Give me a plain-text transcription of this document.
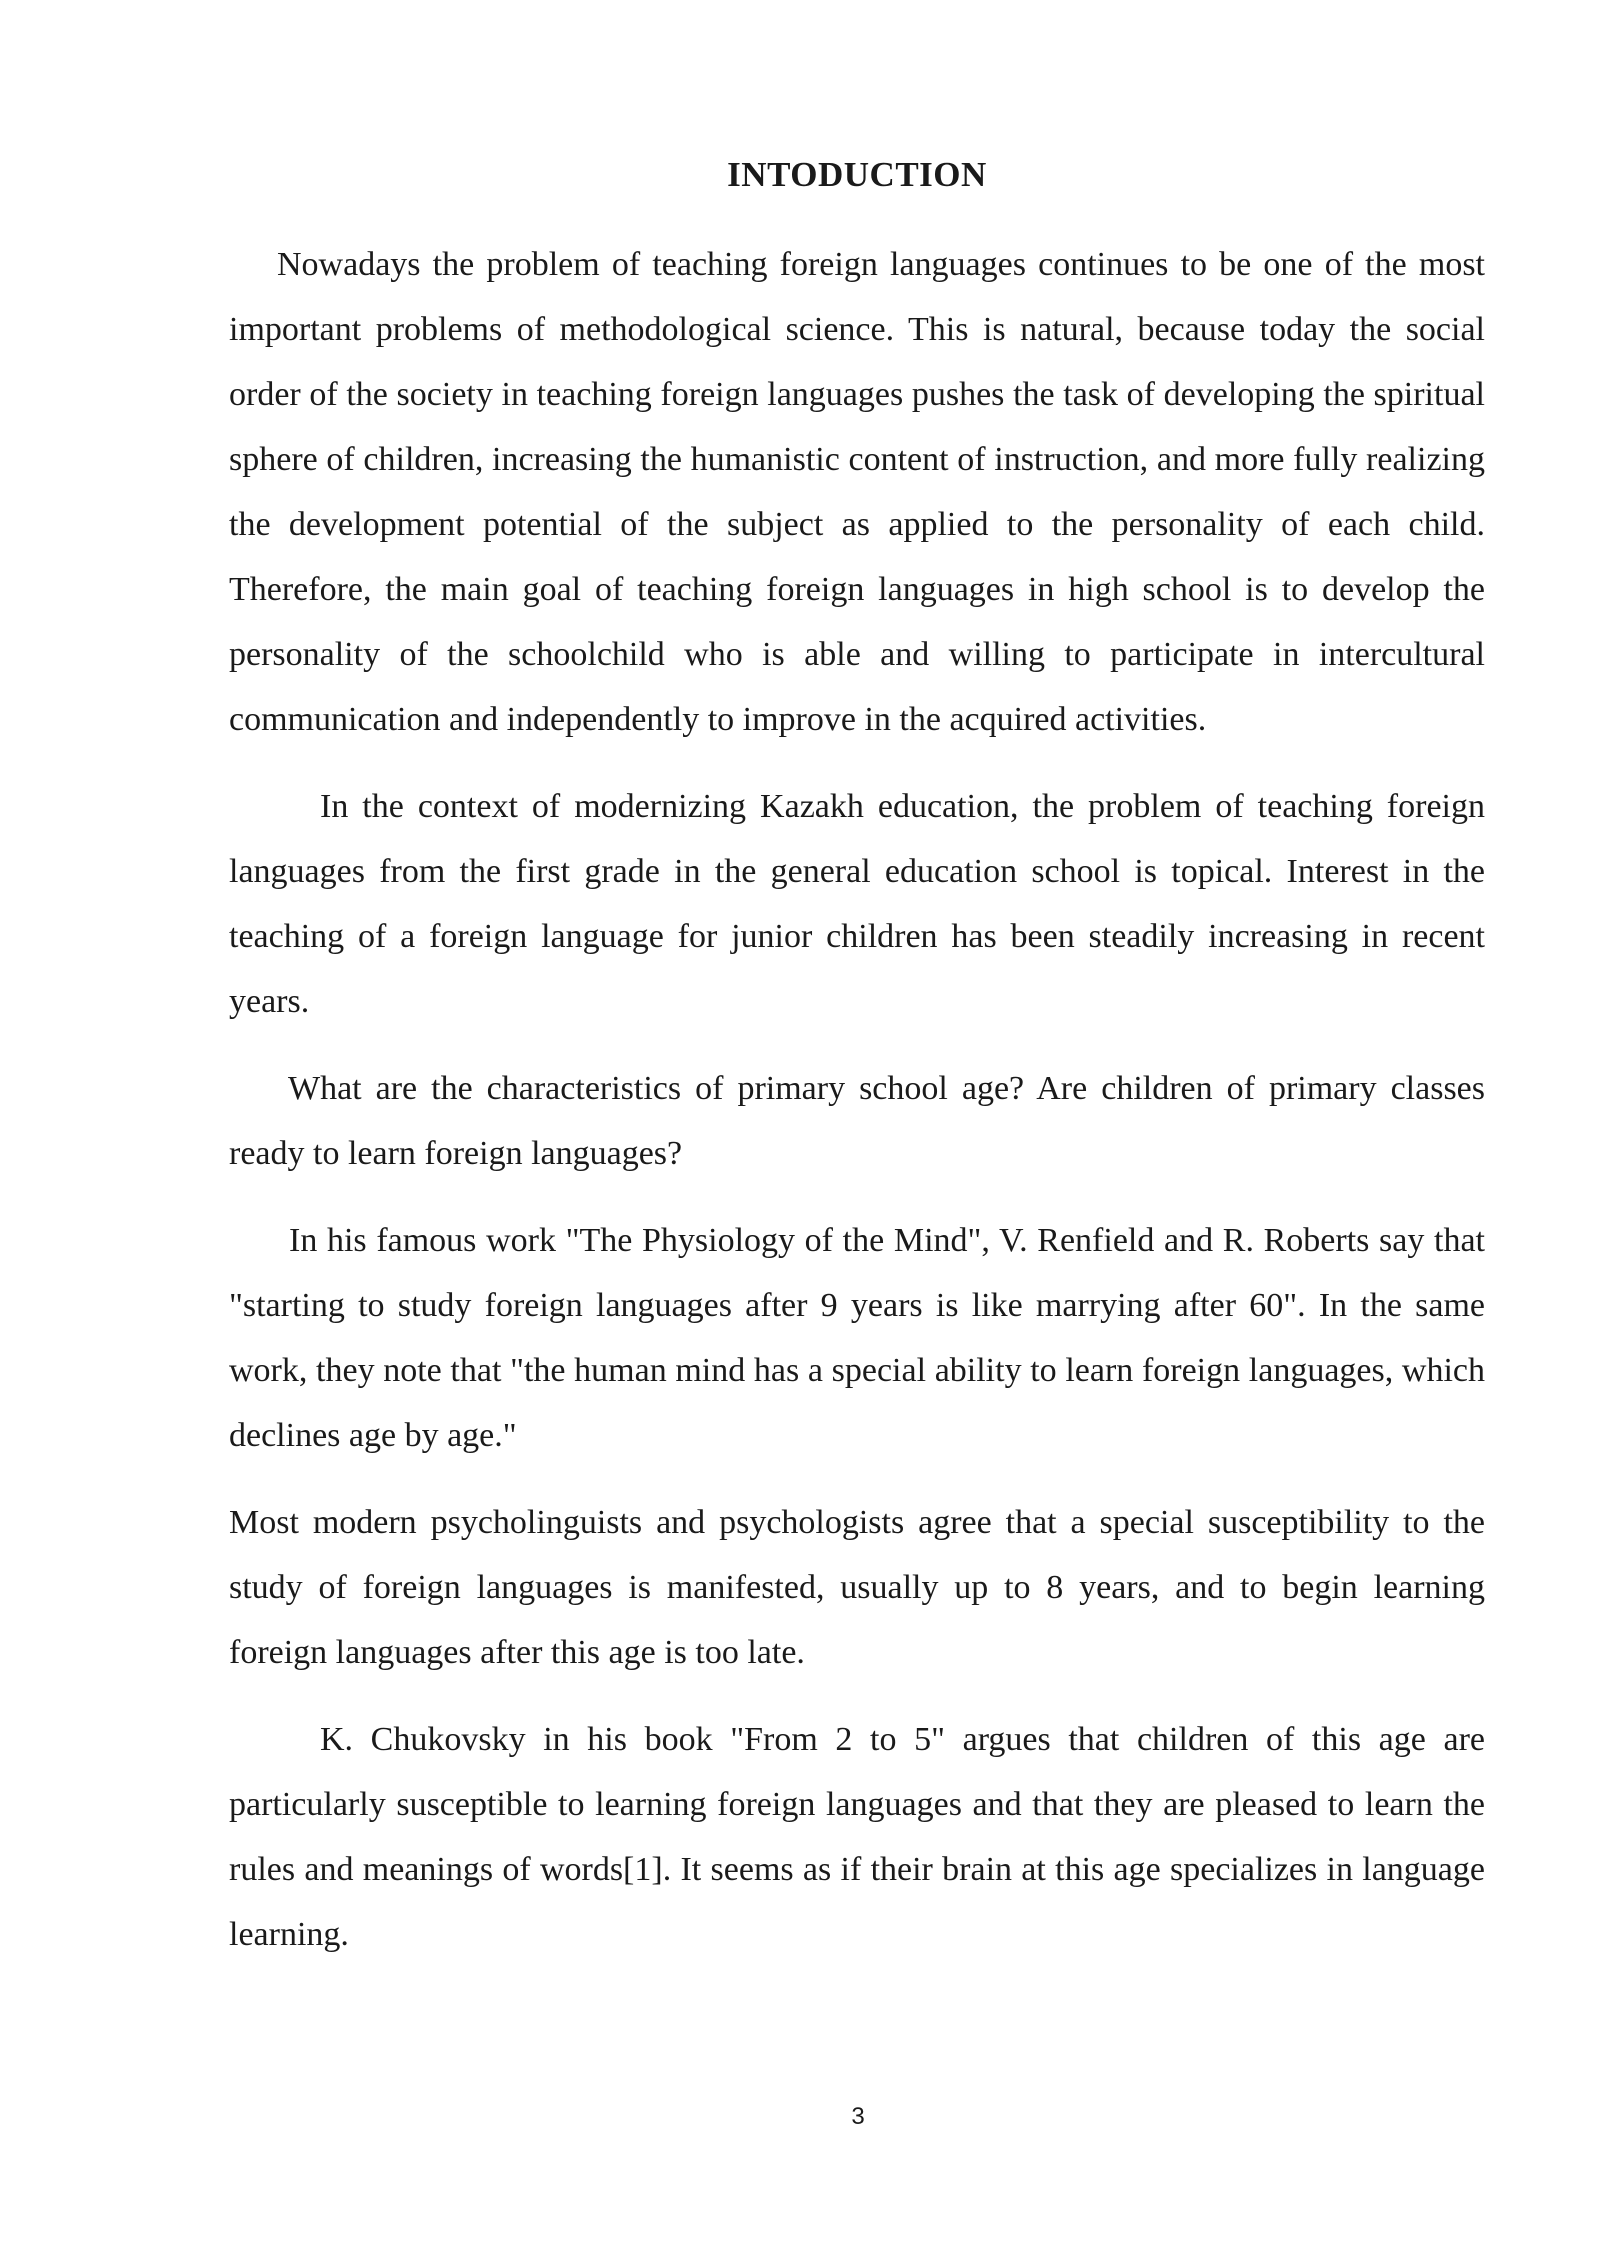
INTODUCTION

Nowadays the problem of teaching foreign languages continues to be one of the most important problems of methodological science. This is natural, because today the social order of the society in teaching foreign languages pushes the task of developing the spiritual sphere of children, increasing the humanistic content of instruction, and more fully realizing the development potential of the subject as applied to the personality of each child. Therefore, the main goal of teaching foreign languages in high school is to develop the personality of the schoolchild who is able and willing to participate in intercultural communication and independently to improve in the acquired activities.

In the context of modernizing Kazakh education, the problem of teaching foreign languages from the first grade in the general education school is topical. Interest in the teaching of a foreign language for junior children has been steadily increasing in recent years.

What are the characteristics of primary school age? Are children of primary classes ready to learn foreign languages?

In his famous work "The Physiology of the Mind", V. Renfield and R. Roberts say that "starting to study foreign languages after 9 years is like marrying after 60". In the same work, they note that "the human mind has a special ability to learn foreign languages, which declines age by age."

Most modern psycholinguists and psychologists agree that a special susceptibility to the study of foreign languages is manifested, usually up to 8 years, and to begin learning foreign languages after this age is too late.

K. Chukovsky in his book "From 2 to 5" argues that children of this age are particularly susceptible to learning foreign languages and that they are pleased to learn the rules and meanings of words[1]. It seems as if their brain at this age specializes in language learning.

3
